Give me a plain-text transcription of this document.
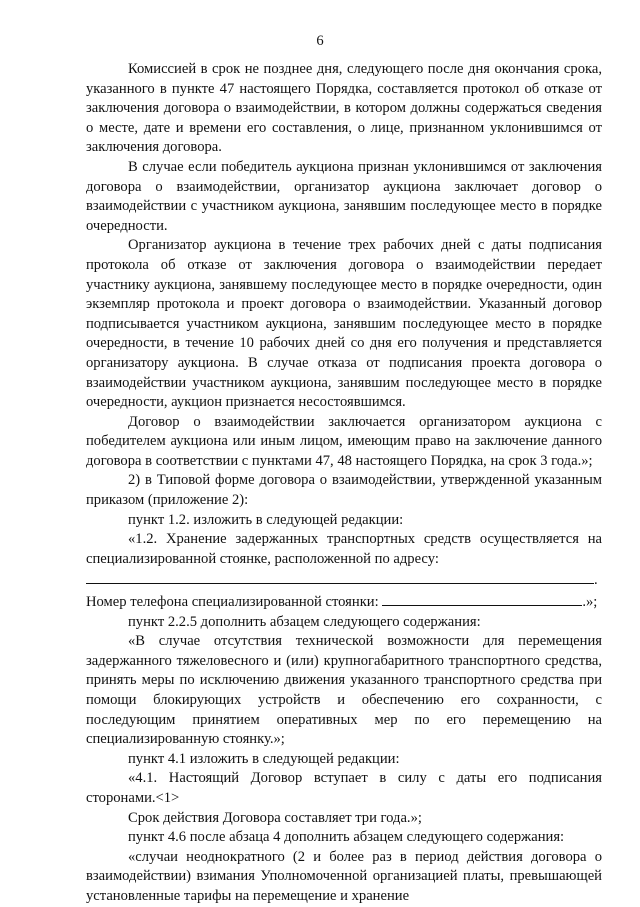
6

Комиссией в срок не позднее дня, следующего после дня окончания срока, указанного в пункте 47 настоящего Порядка, составляется протокол об отказе от заключения договора о взаимодействии, в котором должны содержаться сведения о месте, дате и времени его составления, о лице, признанном уклонившимся от заключения договора.

В случае если победитель аукциона признан уклонившимся от заключения договора о взаимодействии, организатор аукциона заключает договор о взаимодействии с участником аукциона, занявшим последующее место в порядке очередности.

Организатор аукциона в течение трех рабочих дней с даты подписания протокола об отказе от заключения договора о взаимодействии передает участнику аукциона, занявшему последующее место в порядке очередности, один экземпляр протокола и проект договора о взаимодействии. Указанный договор подписывается участником аукциона, занявшим последующее место в порядке очередности, в течение 10 рабочих дней со дня его получения и представляется организатору аукциона. В случае отказа от подписания проекта договора о взаимодействии участником аукциона, занявшим последующее место в порядке очередности, аукцион признается несостоявшимся.

Договор о взаимодействии заключается организатором аукциона с победителем аукциона или иным лицом, имеющим право на заключение данного договора в соответствии с пунктами 47, 48 настоящего Порядка, на срок 3 года.»;

2) в Типовой форме договора о взаимодействии, утвержденной указанным приказом (приложение 2):

пункт 1.2. изложить в следующей редакции:

«1.2. Хранение задержанных транспортных средств осуществляется на специализированной стоянке, расположенной по адресу:

.

Номер телефона специализированной стоянки:	.»;

пункт 2.2.5 дополнить абзацем следующего содержания:

«В случае отсутствия технической возможности для перемещения задержанного тяжеловесного и (или) крупногабаритного транспортного средства, принять меры по исключению движения указанного транспортного средства при помощи блокирующих устройств и обеспечению его сохранности, с последующим принятием оперативных мер по его перемещению на специализированную стоянку.»;

пункт 4.1 изложить в следующей редакции:

«4.1. Настоящий Договор вступает в силу с даты его подписания сторонами.<1>

Срок действия Договора составляет три года.»;

пункт 4.6 после абзаца 4 дополнить абзацем следующего содержания:

«случаи неоднократного (2 и более раз в период действия договора о взаимодействии) взимания Уполномоченной организацией платы, превышающей установленные тарифы на перемещение и хранение
